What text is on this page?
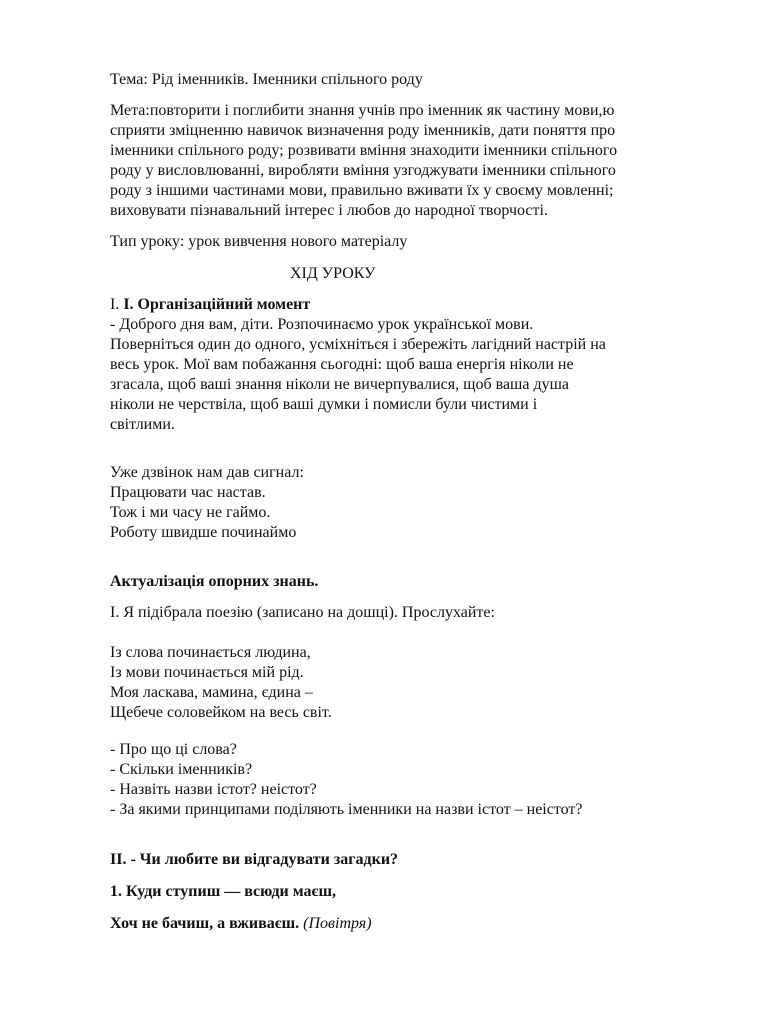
Тема: Рід іменників. Іменники спільного роду
Мета:повторити і поглибити знання учнів про іменник як частину мови,ю
сприяти зміцненню навичок визначення роду іменників, дати поняття про
іменники спільного роду; розвивати вміння знаходити іменники спільного
роду у висловлюванні, виробляти вміння узгоджувати іменники спільного
роду з іншими частинами мови, правильно вживати їх у своєму мовленні;
виховувати пізнавальний інтерес і любов до народної творчості.
Тип уроку: урок вивчення нового матеріалу
ХІД УРОКУ
І. І. Організаційний момент
- Доброго дня вам, діти. Розпочинаємо урок української мови.
Поверніться один до одного, усміхніться і збережіть лагідний настрій на
весь урок. Мої вам побажання сьогодні: щоб ваша енергія ніколи не
згасала, щоб ваші знання ніколи не вичерпувалися, щоб ваша душа
ніколи не черствіла, щоб ваші думки і помисли були чистими і
світлими.
Уже дзвінок нам дав сигнал:
Працювати час настав.
Тож і ми часу не гаймо.
Роботу швидше починаймо
Актуалізація опорних знань.
І. Я підібрала поезію (записано на дошці). Прослухайте:
Із слова починається людина,
Із мови починається мій рід.
Моя ласкава, мамина, єдина –
Щебече соловейком на весь світ.
- Про що ці слова?
- Скільки іменників?
- Назвіть назви істот? неістот?
- За якими принципами поділяють іменники на назви істот – неістот?
ІІ. - Чи любите ви відгадувати загадки?
1. Куди ступиш — всюди маєш,
Хоч не бачиш, а вживаєш. (Повітря)
